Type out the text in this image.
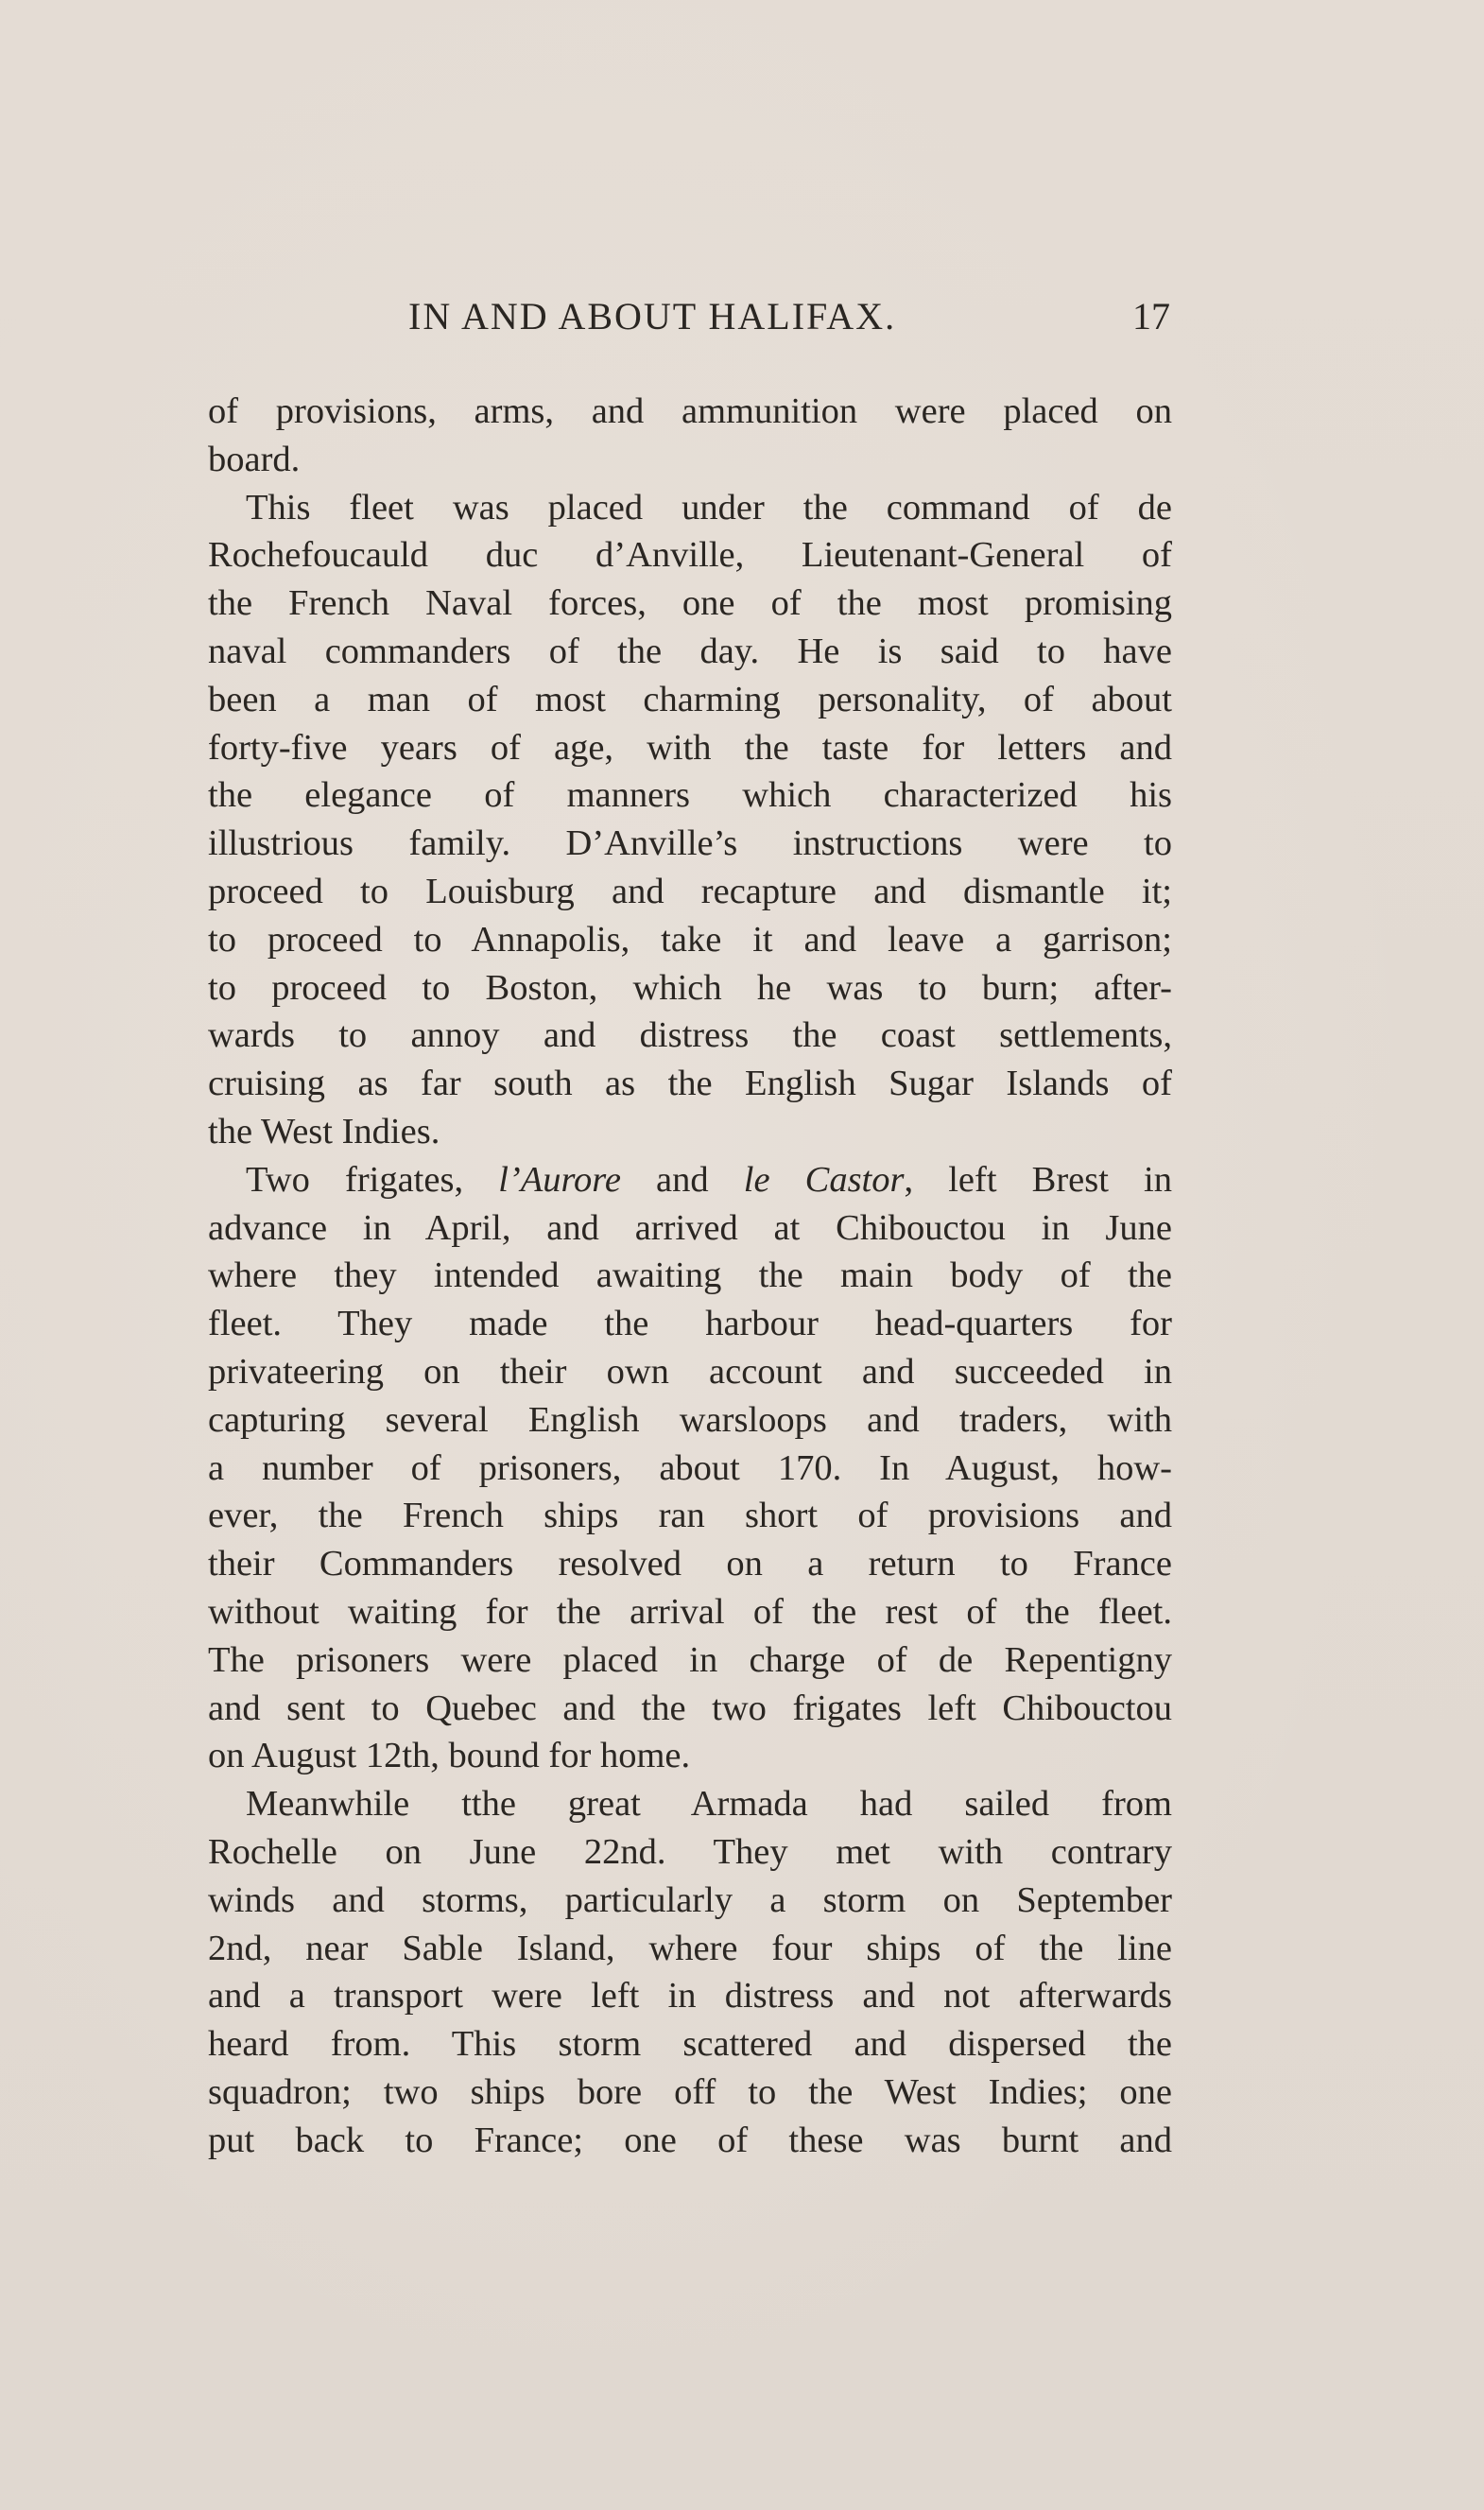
IN AND ABOUT HALIFAX.	17
of provisions, arms, and ammunition were placed on
board.
This fleet was placed under the command of de
Rochefoucauld duc d’Anville, Lieutenant-General of
the French Naval forces, one of the most promising
naval commanders of the day. He is said to have
been a man of most charming personality, of about
forty-five years of age, with the taste for letters and
the elegance of manners which characterized his
illustrious family. D’Anville’s instructions were to
proceed to Louisburg and recapture and dismantle it;
to proceed to Annapolis, take it and leave a garrison;
to proceed to Boston, which he was to burn; after-
wards to annoy and distress the coast settlements,
cruising as far south as the English Sugar Islands of
the West Indies.
Two frigates, l’Aurore and le Castor, left Brest in
advance in April, and arrived at Chibouctou in June
where they intended awaiting the main body of the
fleet. They made the harbour head-quarters for
privateering on their own account and succeeded in
capturing several English warsloops and traders, with
a number of prisoners, about 170. In August, how-
ever, the French ships ran short of provisions and
their Commanders resolved on a return to France
without waiting for the arrival of the rest of the fleet.
The prisoners were placed in charge of de Repentigny
and sent to Quebec and the two frigates left Chibouctou
on August 12th, bound for home.
Meanwhile tthe great Armada had sailed from
Rochelle on June 22nd. They met with contrary
winds and storms, particularly a storm on September
2nd, near Sable Island, where four ships of the line
and a transport were left in distress and not afterwards
heard from. This storm scattered and dispersed the
squadron; two ships bore off to the West Indies; one
put back to France; one of these was burnt and
